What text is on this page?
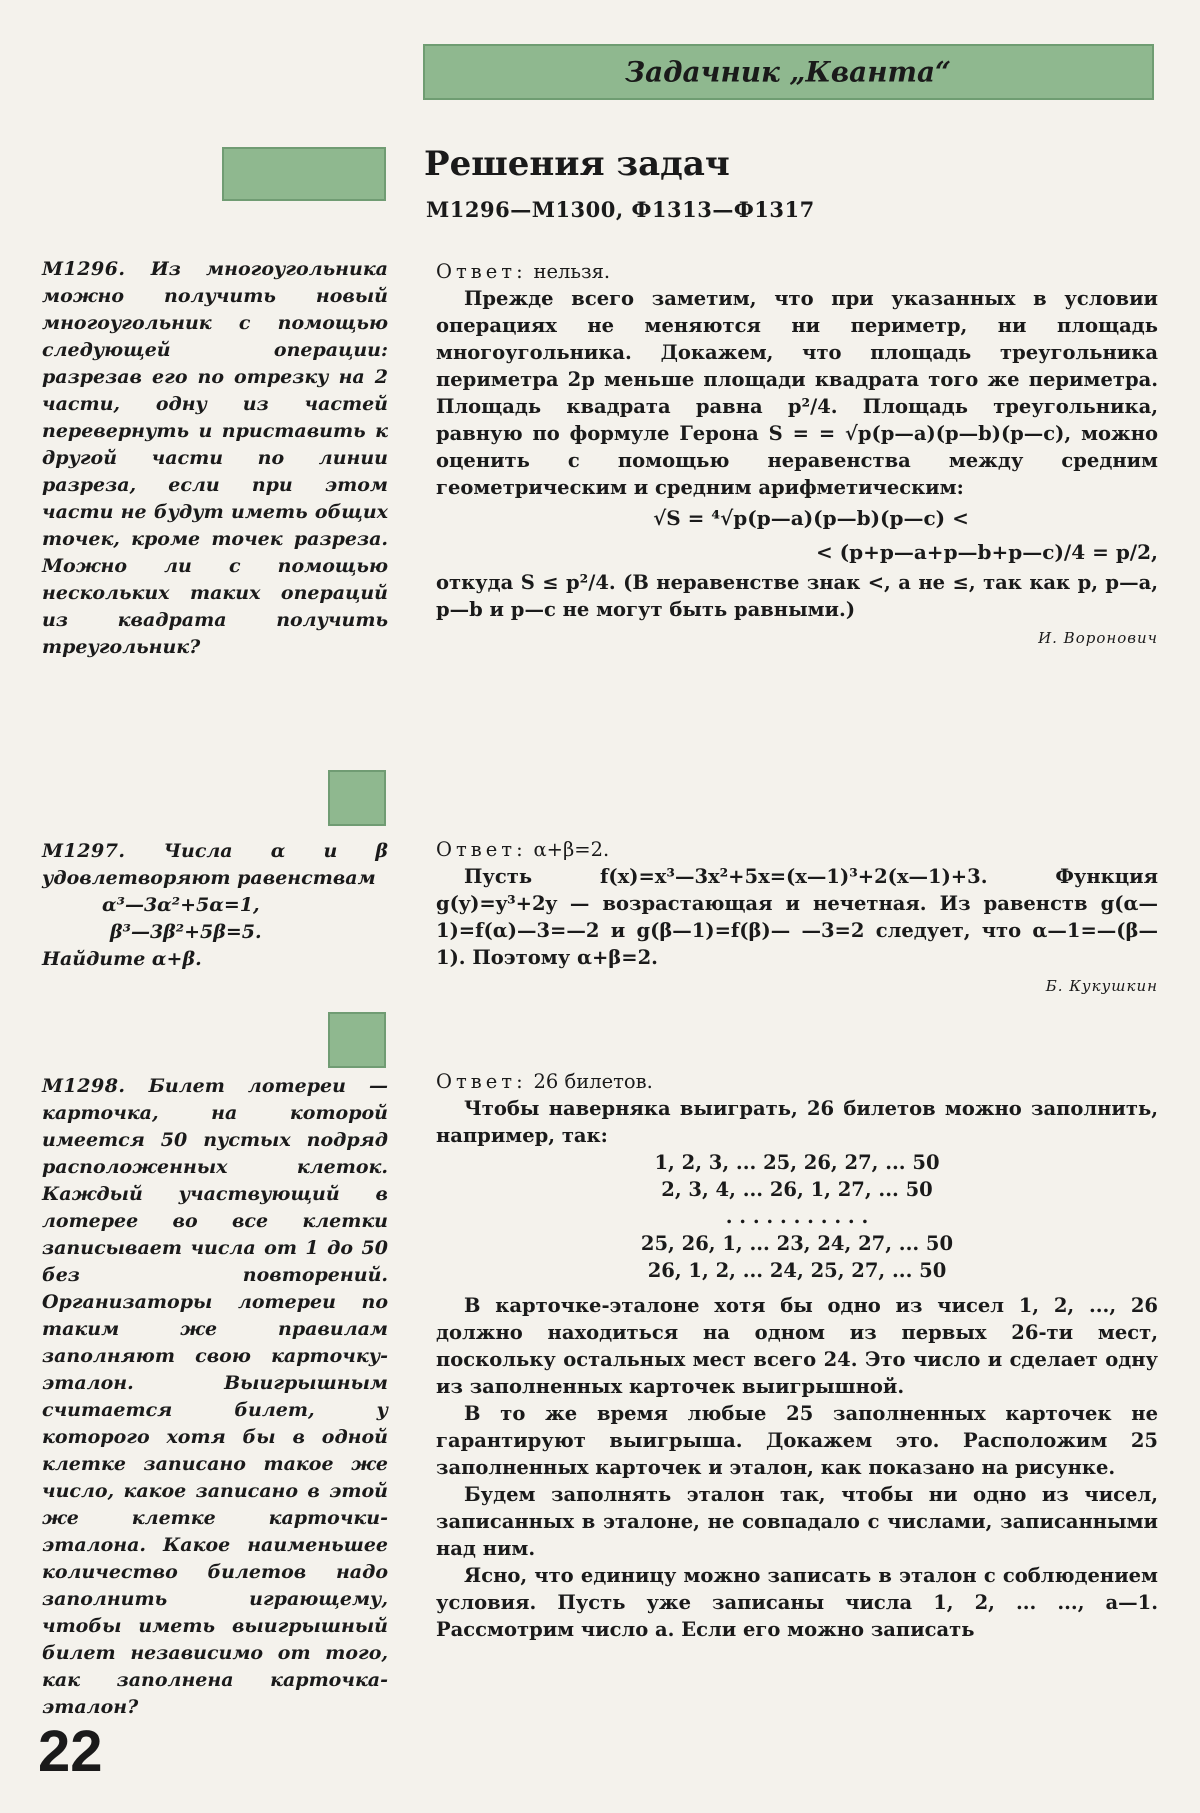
Задачник „Кванта“
Решения задач
М1296—М1300, Ф1313—Ф1317
М1296. Из многоугольника можно получить новый многоугольник с помощью следующей операции: разрезав его по отрезку на 2 части, одну из частей перевернуть и приставить к другой части по линии разреза, если при этом части не будут иметь общих точек, кроме точек разреза. Можно ли с помощью нескольких таких операций из квадрата получить треугольник?
М1297. Числа α и β удовлетворяют равенствам
α³—3α²+5α=1,
β³—3β²+5β=5.
Найдите α+β.
М1298. Билет лотереи — карточка, на которой имеется 50 пустых подряд расположенных клеток. Каждый участвующий в лотерее во все клетки записывает числа от 1 до 50 без повторений. Организаторы лотереи по таким же правилам заполняют свою карточку-эталон. Выигрышным считается билет, у которого хотя бы в одной клетке записано такое же число, какое записано в этой же клетке карточки-эталона. Какое наименьшее количество билетов надо заполнить играющему, чтобы иметь выигрышный билет независимо от того, как заполнена карточка-эталон?

Ответ: нельзя.

Прежде всего заметим, что при указанных в условии операциях не меняются ни периметр, ни площадь многоугольника. Докажем, что площадь треугольника периметра 2p меньше площади квадрата того же периметра. Площадь квадрата равна p²/4. Площадь треугольника, равную по формуле Герона S = = √p(p—a)(p—b)(p—c), можно оценить с помощью неравенства между средним геометрическим и средним арифметическим:

√S = ⁴√p(p—a)(p—b)(p—c) <

< (p+p—a+p—b+p—c)/4 = p/2,

откуда S ≤ p²/4. (В неравенстве знак <, а не ≤, так как p, p—a, p—b и p—c не могут быть равными.)

И. Воронович

Ответ: α+β=2.

Пусть f(x)=x³—3x²+5x=(x—1)³+2(x—1)+3. Функция g(y)=y³+2y — возрастающая и нечетная. Из равенств g(α—1)=f(α)—3=—2 и g(β—1)=f(β)— —3=2 следует, что α—1=—(β—1). Поэтому α+β=2.

Б. Кукушкин

Ответ: 26 билетов.

Чтобы наверняка выиграть, 26 билетов можно заполнить, например, так:

1, 2, 3, ... 25, 26, 27, ... 50

2, 3, 4, ... 26, 1, 27, ... 50

. . . . . . . . . . .

25, 26, 1, ... 23, 24, 27, ... 50

26, 1, 2, ... 24, 25, 27, ... 50

В карточке-эталоне хотя бы одно из чисел 1, 2, ..., 26 должно находиться на одном из первых 26-ти мест, поскольку остальных мест всего 24. Это число и сделает одну из заполненных карточек выигрышной.

В то же время любые 25 заполненных карточек не гарантируют выигрыша. Докажем это. Расположим 25 заполненных карточек и эталон, как показано на рисунке.

Будем заполнять эталон так, чтобы ни одно из чисел, записанных в эталоне, не совпадало с числами, записанными над ним.

Ясно, что единицу можно записать в эталон с соблюдением условия. Пусть уже записаны числа 1, 2, ... ..., a—1. Рассмотрим число a. Если его можно записать

22
